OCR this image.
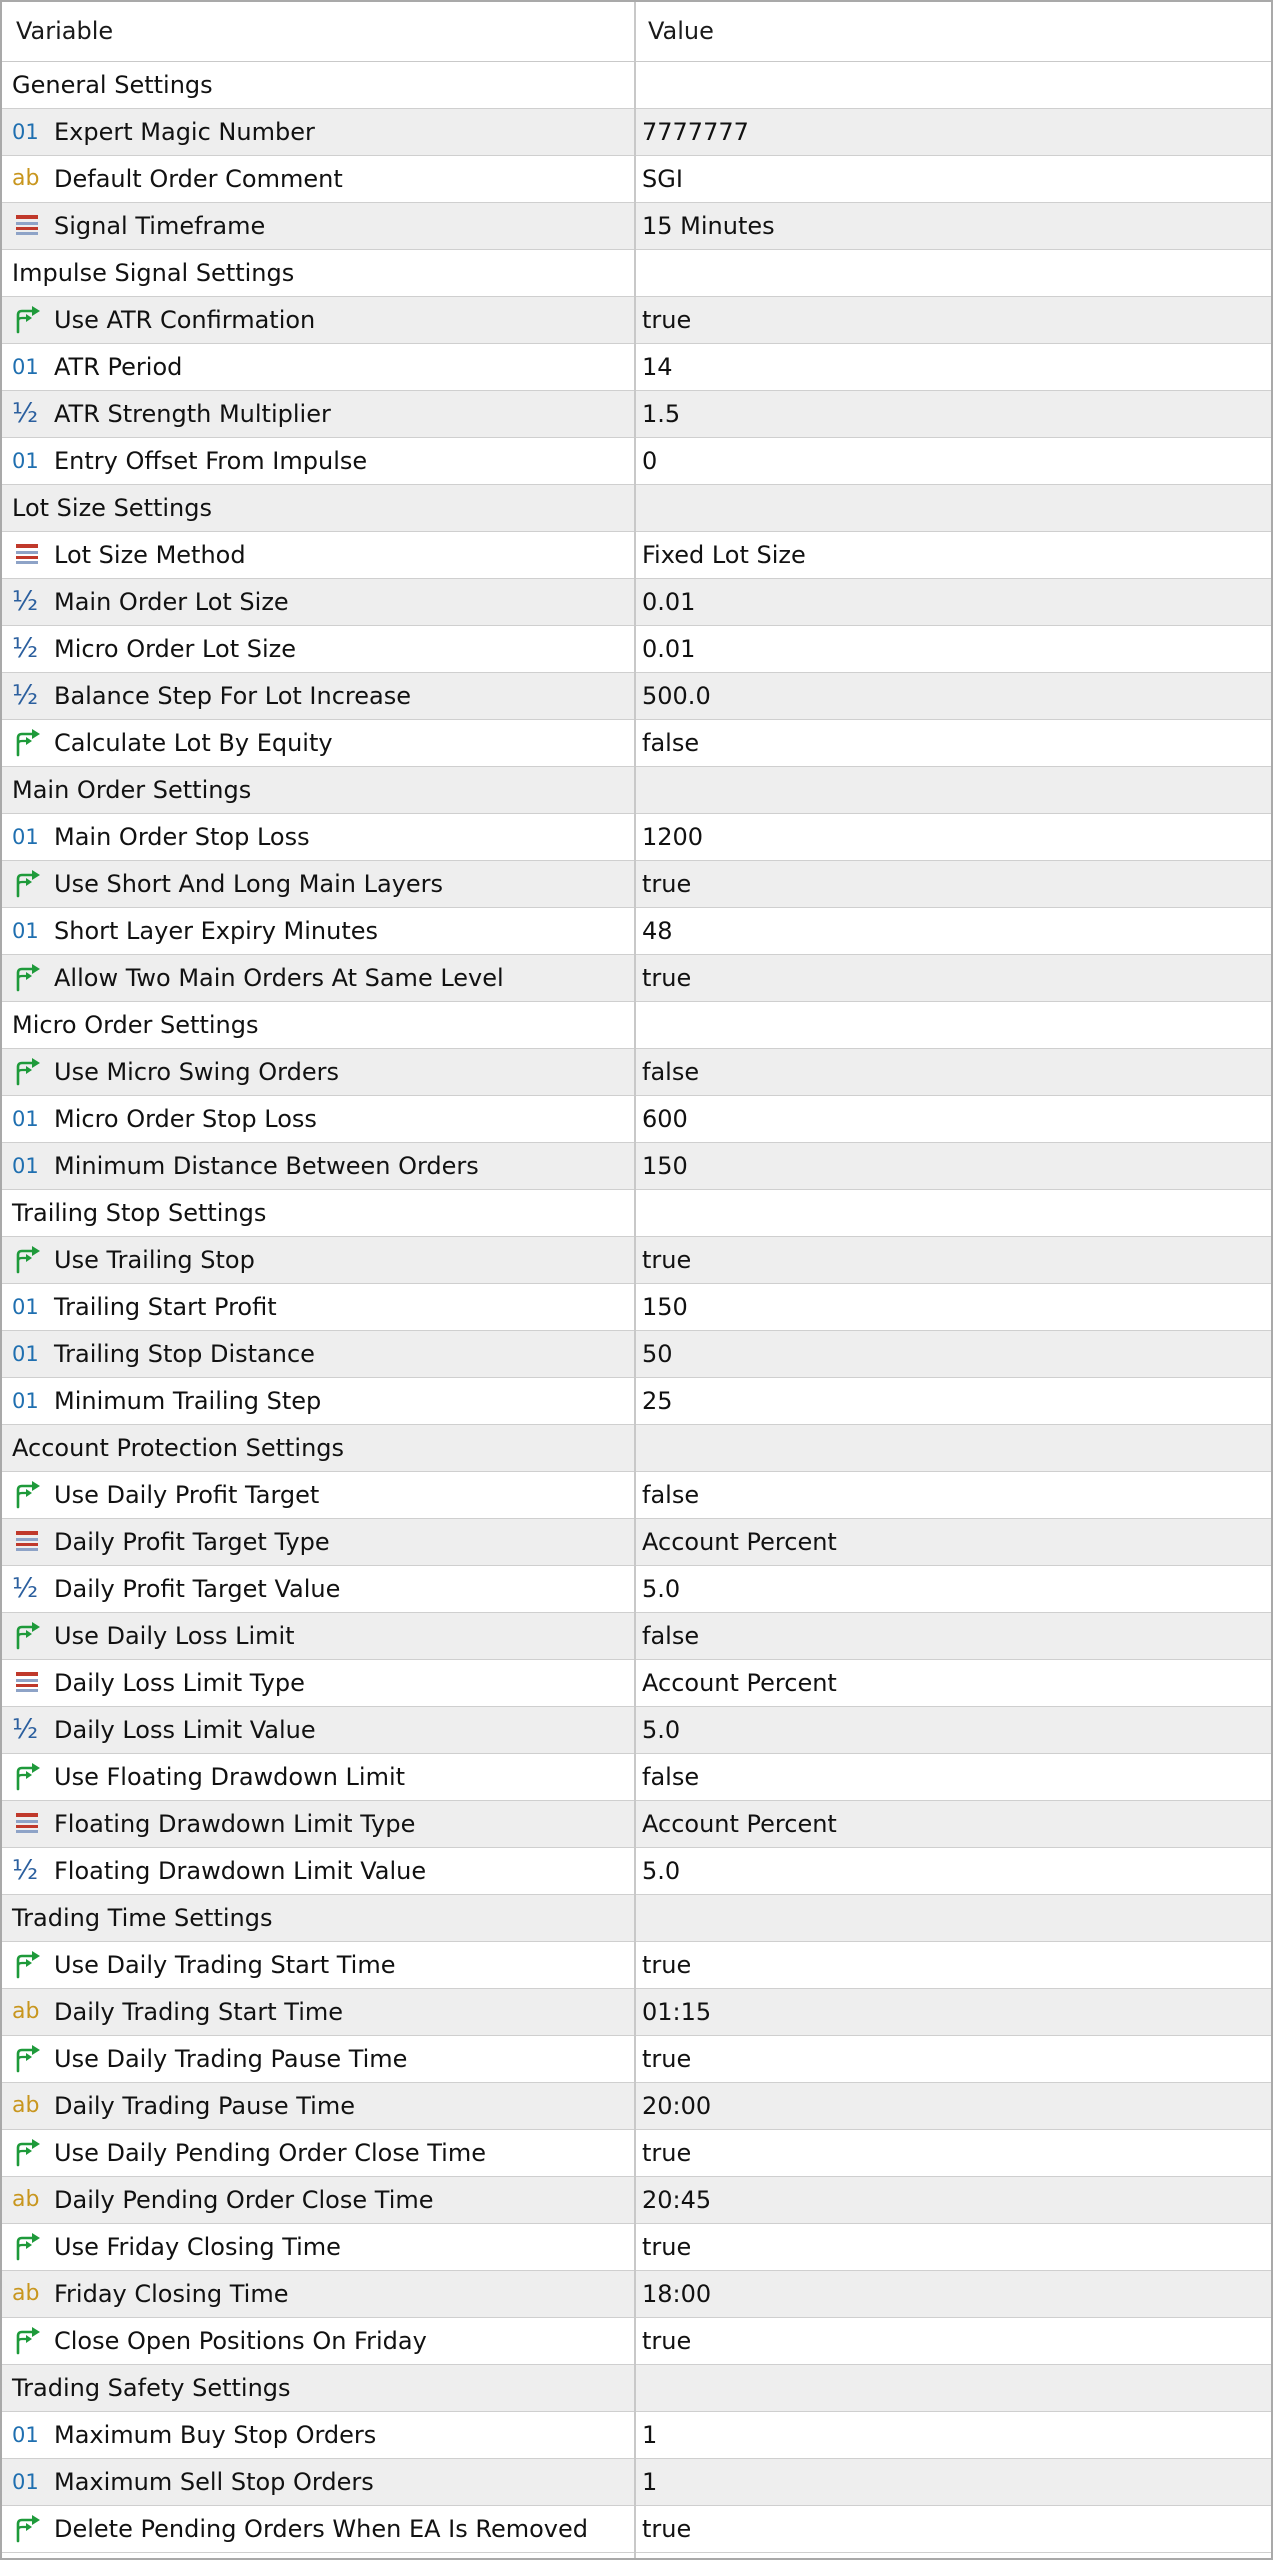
Variable	Value
General Settings
01 Expert Magic Number	7777777
ab Default Order Comment	SGI
Signal Timeframe	15 Minutes
Impulse Signal Settings
Use ATR Confirmation	true
01 ATR Period	14
½ ATR Strength Multiplier	1.5
01 Entry Offset From Impulse	0
Lot Size Settings
Lot Size Method	Fixed Lot Size
½ Main Order Lot Size	0.01
½ Micro Order Lot Size	0.01
½ Balance Step For Lot Increase	500.0
Calculate Lot By Equity	false
Main Order Settings
01 Main Order Stop Loss	1200
Use Short And Long Main Layers	true
01 Short Layer Expiry Minutes	48
Allow Two Main Orders At Same Level	true
Micro Order Settings
Use Micro Swing Orders	false
01 Micro Order Stop Loss	600
01 Minimum Distance Between Orders	150
Trailing Stop Settings
Use Trailing Stop	true
01 Trailing Start Profit	150
01 Trailing Stop Distance	50
01 Minimum Trailing Step	25
Account Protection Settings
Use Daily Profit Target	false
Daily Profit Target Type	Account Percent
½ Daily Profit Target Value	5.0
Use Daily Loss Limit	false
Daily Loss Limit Type	Account Percent
½ Daily Loss Limit Value	5.0
Use Floating Drawdown Limit	false
Floating Drawdown Limit Type	Account Percent
½ Floating Drawdown Limit Value	5.0
Trading Time Settings
Use Daily Trading Start Time	true
ab Daily Trading Start Time	01:15
Use Daily Trading Pause Time	true
ab Daily Trading Pause Time	20:00
Use Daily Pending Order Close Time	true
ab Daily Pending Order Close Time	20:45
Use Friday Closing Time	true
ab Friday Closing Time	18:00
Close Open Positions On Friday	true
Trading Safety Settings
01 Maximum Buy Stop Orders	1
01 Maximum Sell Stop Orders	1
Delete Pending Orders When EA Is Removed true
